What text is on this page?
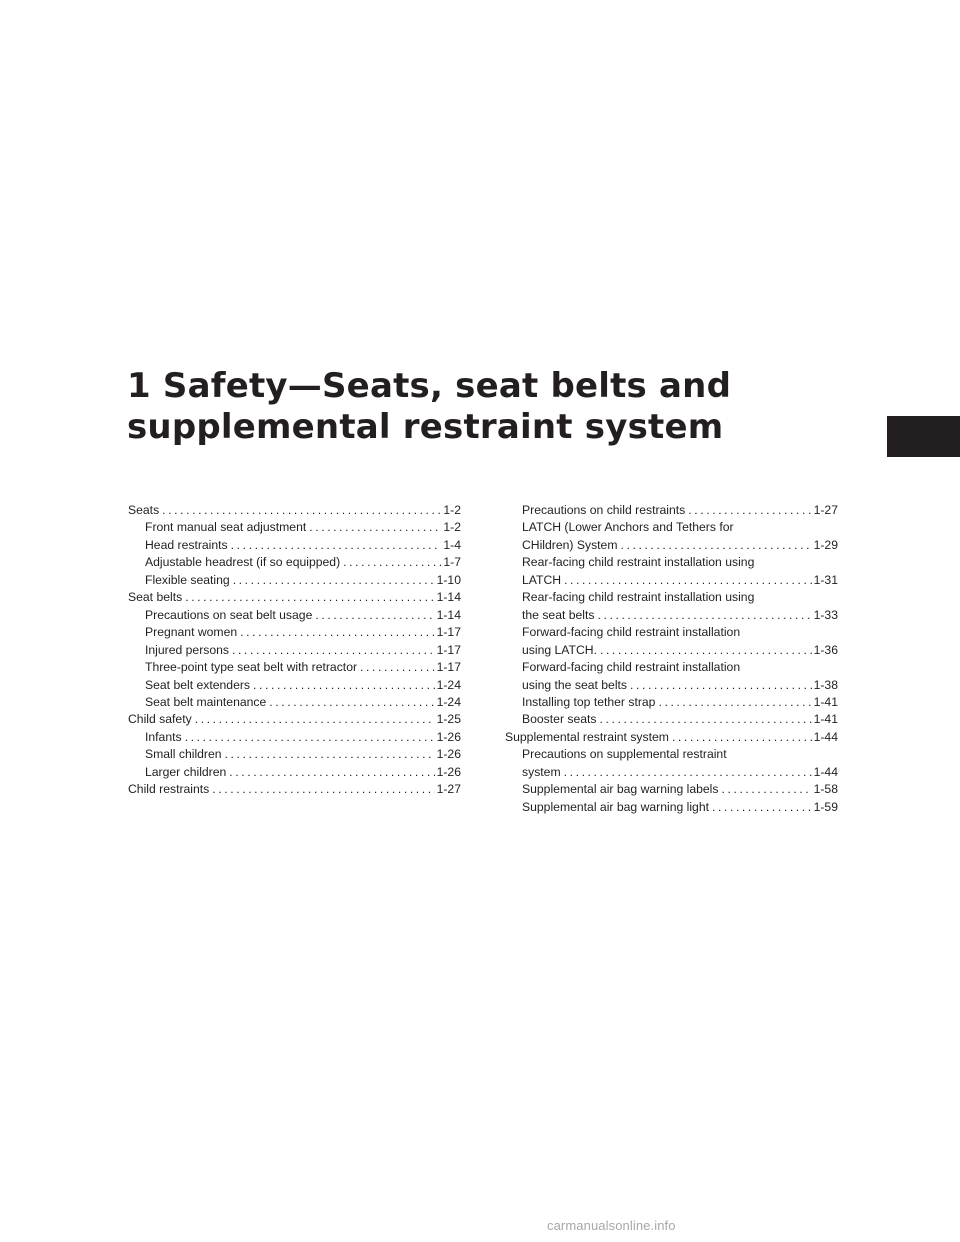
1 Safety—Seats, seat belts and
supplemental restraint system
Seats .....	1-2
Front manual seat adjustment .....	1-2
Head restraints .....	1-4
Adjustable headrest (if so equipped) .....	1-7
Flexible seating .....	1-10
Seat belts .....	1-14
Precautions on seat belt usage .....	1-14
Pregnant women .....	1-17
Injured persons .....	1-17
Three-point type seat belt with retractor .....	1-17
Seat belt extenders .....	1-24
Seat belt maintenance .....	1-24
Child safety .....	1-25
Infants .....	1-26
Small children .....	1-26
Larger children .....	1-26
Child restraints .....	1-27
Precautions on child restraints .....	1-27
LATCH (Lower Anchors and Tethers for
CHildren) System .....	1-29
Rear-facing child restraint installation using
LATCH .....	1-31
Rear-facing child restraint installation using
the seat belts .....	1-33
Forward-facing child restraint installation
using LATCH. .....	1-36
Forward-facing child restraint installation
using the seat belts .....	1-38
Installing top tether strap .....	1-41
Booster seats .....	1-41
Supplemental restraint system .....	1-44
Precautions on supplemental restraint
system .....	1-44
Supplemental air bag warning labels .....	1-58
Supplemental air bag warning light .....	1-59
carmanualsonline.info
